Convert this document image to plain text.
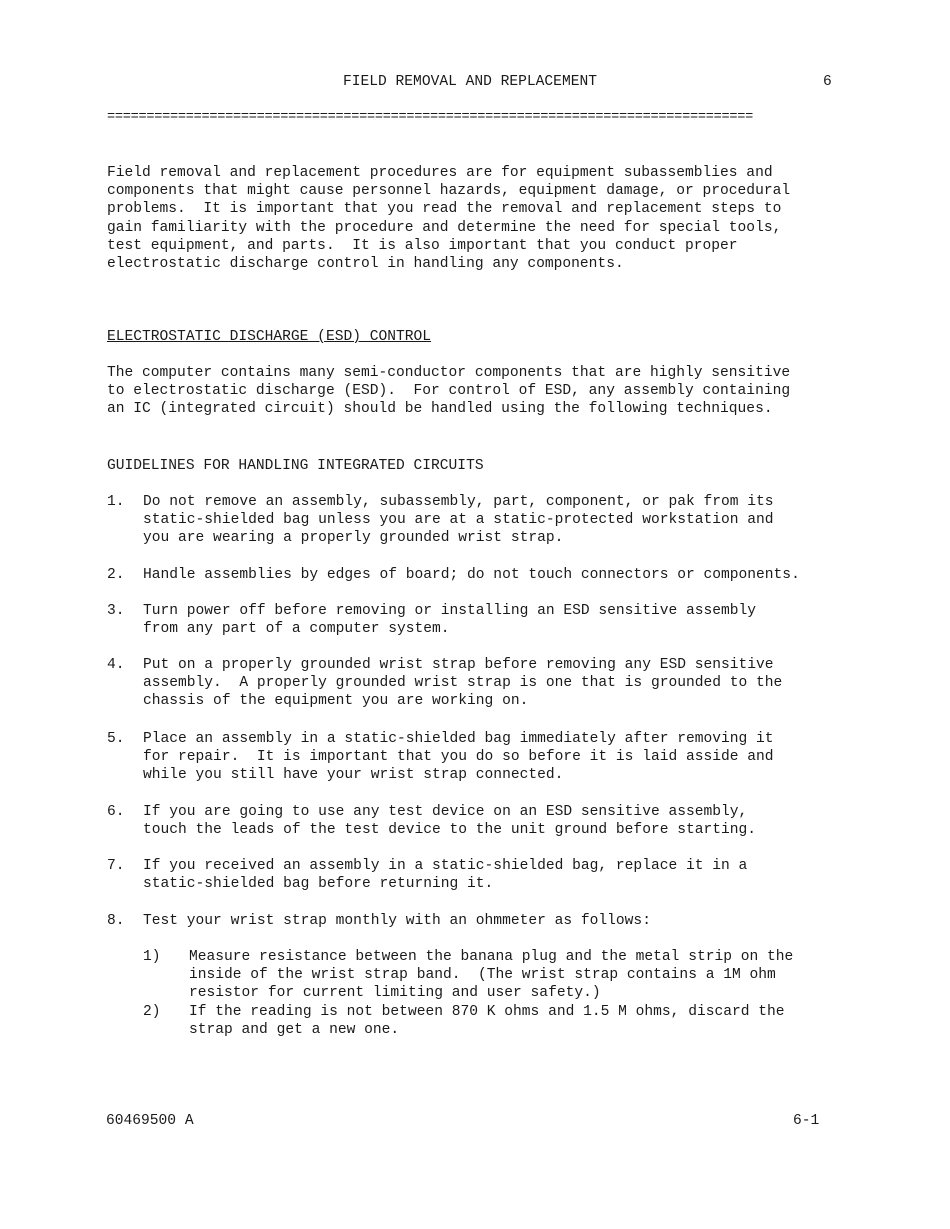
FIELD REMOVAL AND REPLACEMENT	6
==================================================================================
Field removal and replacement procedures are for equipment subassemblies and
components that might cause personnel hazards, equipment damage, or procedural
problems.  It is important that you read the removal and replacement steps to
gain familiarity with the procedure and determine the need for special tools,
test equipment, and parts.  It is also important that you conduct proper
electrostatic discharge control in handling any components.
ELECTROSTATIC DISCHARGE (ESD) CONTROL
The computer contains many semi-conductor components that are highly sensitive
to electrostatic discharge (ESD).  For control of ESD, any assembly containing
an IC (integrated circuit) should be handled using the following techniques.
GUIDELINES FOR HANDLING INTEGRATED CIRCUITS
1. Do not remove an assembly, subassembly, part, component, or pak from its
static-shielded bag unless you are at a static-protected workstation and
you are wearing a properly grounded wrist strap.
2. Handle assemblies by edges of board; do not touch connectors or components.
3. Turn power off before removing or installing an ESD sensitive assembly
from any part of a computer system.
4. Put on a properly grounded wrist strap before removing any ESD sensitive
assembly.  A properly grounded wrist strap is one that is grounded to the
chassis of the equipment you are working on.
5. Place an assembly in a static-shielded bag immediately after removing it
for repair.  It is important that you do so before it is laid asside and
while you still have your wrist strap connected.
6. If you are going to use any test device on an ESD sensitive assembly,
touch the leads of the test device to the unit ground before starting.
7. If you received an assembly in a static-shielded bag, replace it in a
static-shielded bag before returning it.
8. Test your wrist strap monthly with an ohmmeter as follows:
1) Measure resistance between the banana plug and the metal strip on the
inside of the wrist strap band.  (The wrist strap contains a 1M ohm
resistor for current limiting and user safety.)
2) If the reading is not between 870 K ohms and 1.5 M ohms, discard the
strap and get a new one.
60469500 A	6-1
